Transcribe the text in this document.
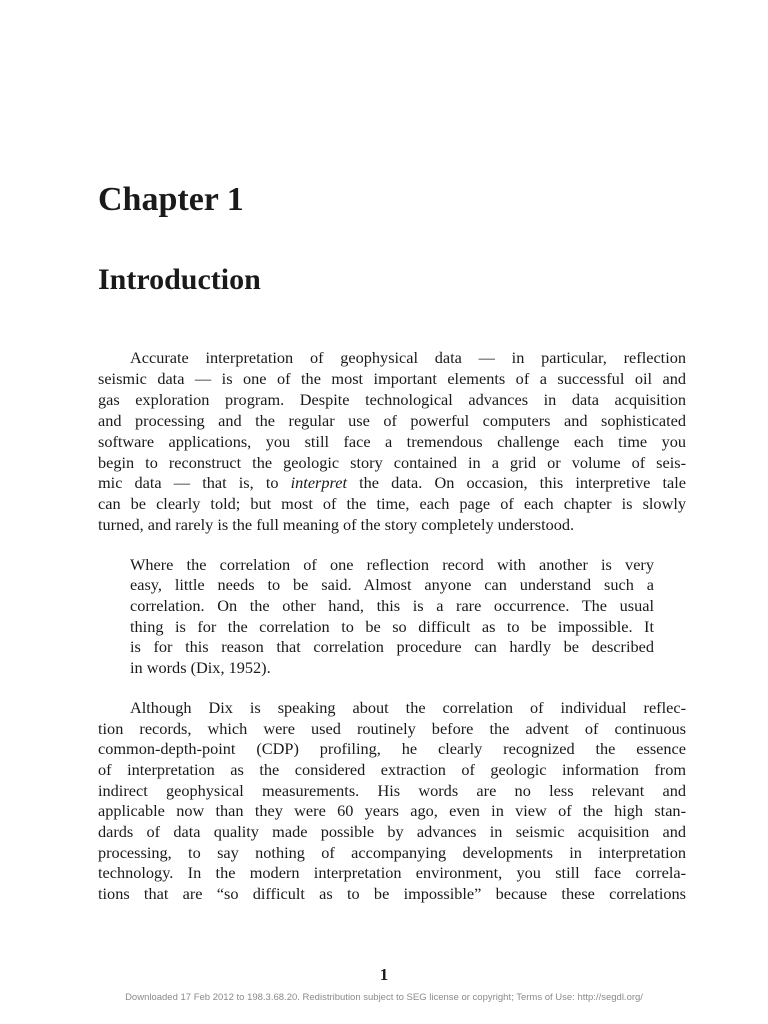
Chapter 1
Introduction
Accurate interpretation of geophysical data — in particular, reflection
seismic data — is one of the most important elements of a successful oil and
gas exploration program. Despite technological advances in data acquisition
and processing and the regular use of powerful computers and sophisticated
software applications, you still face a tremendous challenge each time you
begin to reconstruct the geologic story contained in a grid or volume of seis-
mic data — that is, to interpret the data. On occasion, this interpretive tale
can be clearly told; but most of the time, each page of each chapter is slowly
turned, and rarely is the full meaning of the story completely understood.
Where the correlation of one reflection record with another is very
easy, little needs to be said. Almost anyone can understand such a
correlation. On the other hand, this is a rare occurrence. The usual
thing is for the correlation to be so difficult as to be impossible. It
is for this reason that correlation procedure can hardly be described
in words (Dix, 1952).
Although Dix is speaking about the correlation of individual reflec-
tion records, which were used routinely before the advent of continuous
common-depth-point (CDP) profiling, he clearly recognized the essence
of interpretation as the considered extraction of geologic information from
indirect geophysical measurements. His words are no less relevant and
applicable now than they were 60 years ago, even in view of the high stan-
dards of data quality made possible by advances in seismic acquisition and
processing, to say nothing of accompanying developments in interpretation
technology. In the modern interpretation environment, you still face correla-
tions that are “so difficult as to be impossible” because these correlations
1
Downloaded 17 Feb 2012 to 198.3.68.20. Redistribution subject to SEG license or copyright; Terms of Use: http://segdl.org/
